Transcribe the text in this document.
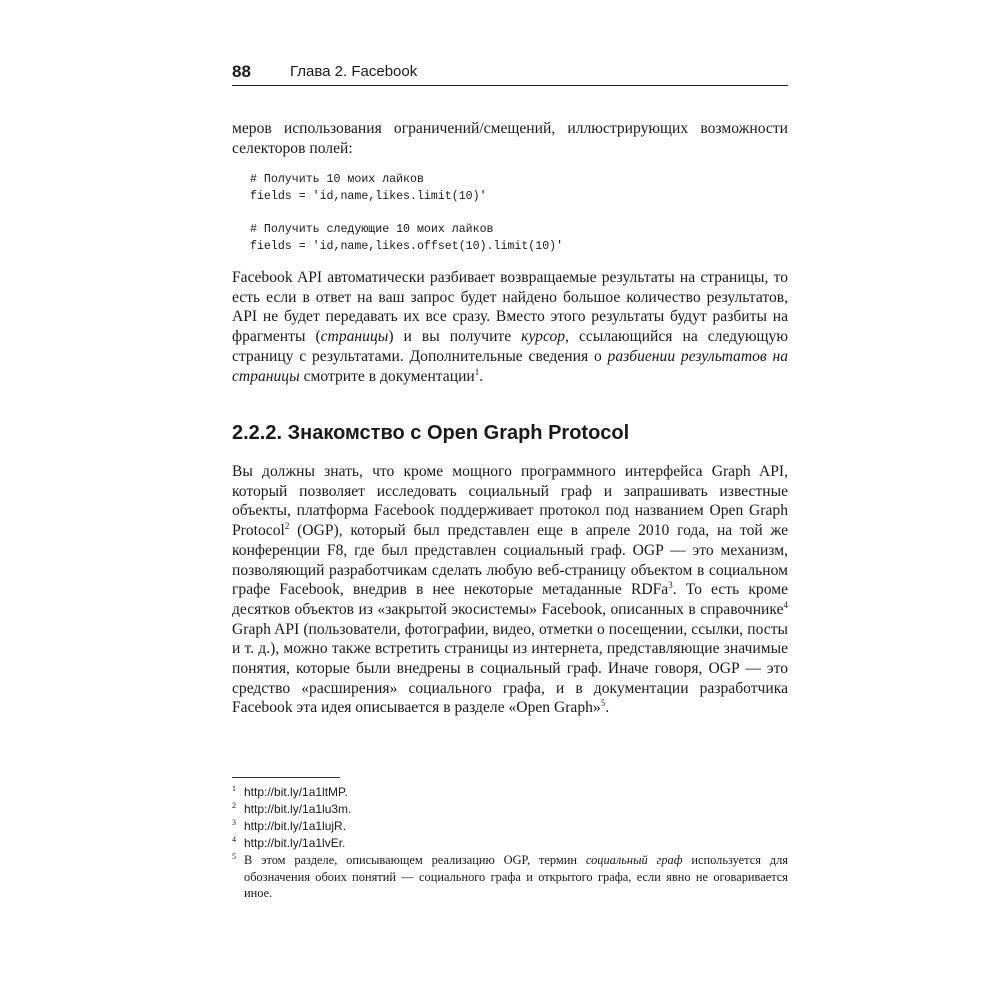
88	Глава 2. Facebook

меров использования ограничений/смещений, иллюстрирующих возможности селекторов полей:

# Получить 10 моих лайков
fields = 'id,name,likes.limit(10)'
# Получить следующие 10 моих лайков
fields = 'id,name,likes.offset(10).limit(10)'

Facebook API автоматически разбивает возвращаемые результаты на страницы, то есть если в ответ на ваш запрос будет найдено большое количество результатов, API не будет передавать их все сразу. Вместо этого результаты будут разбиты на фрагменты (страницы) и вы получите курсор, ссылающийся на следующую страницу с результатами. Дополнительные сведения о разбиении результатов на страницы смотрите в документации$^1$.

2.2.2. Знакомство с Open Graph Protocol

Вы должны знать, что кроме мощного программного интерфейса Graph API, который позволяет исследовать социальный граф и запрашивать известные объекты, платформа Facebook поддерживает протокол под названием Open Graph Protocol$^2$ (OGP), который был представлен еще в апреле 2010 года, на той же конференции F8, где был представлен социальный граф. OGP — это механизм, позволяющий разработчикам сделать любую веб-страницу объектом в социальном графе Facebook, внедрив в нее некоторые метаданные RDFa$^3$. То есть кроме десятков объектов из «закрытой экосистемы» Facebook, описанных в справочнике$^4$ Graph API (пользователи, фотографии, видео, отметки о посещении, ссылки, посты и т. д.), можно также встретить страницы из интернета, представляющие значимые понятия, которые были внедрены в социальный граф. Иначе говоря, OGP — это средство «расширения» социального графа, и в документации разработчика Facebook эта идея описывается в разделе «Open Graph»$^5$.

1 http://bit.ly/1a1ltMP.
2 http://bit.ly/1a1lu3m.
3 http://bit.ly/1a1lujR.
4 http://bit.ly/1a1lvEr.
5 В этом разделе, описывающем реализацию OGP, термин социальный граф используется для обозначения обоих понятий — социального графа и открытого графа, если явно не оговаривается иное.
